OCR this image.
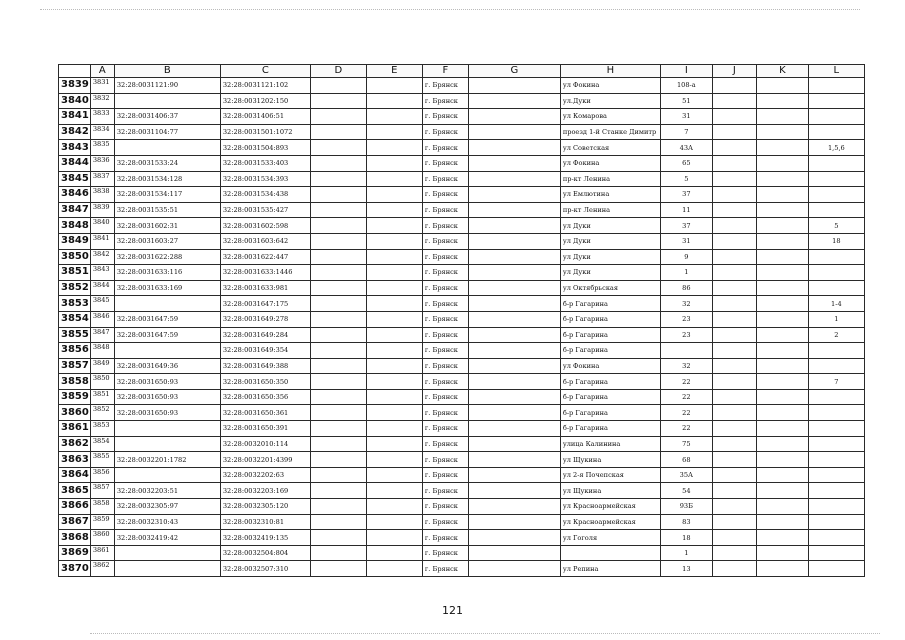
	A	B	C	D	E	F	G	H	I	J	K	L
3839	3831	32:28:0031121:90	32:28:0031121:102			г. Брянск		ул Фокина	108-а			
3840	3832		32:28:0031202:150			г. Брянск		ул.Дуки	51			
3841	3833	32:28:0031406:37	32:28:0031406:51			г. Брянск		ул Комарова	31			
3842	3834	32:28:0031104:77	32:28:0031501:1072			г. Брянск		проезд 1-й Станке Димитр	7			
3843	3835		32:28:0031504:893			г. Брянск		ул Советская	43А			1,5,6
3844	3836	32:28:0031533:24	32:28:0031533:403			г. Брянск		ул Фокина	65			
3845	3837	32:28:0031534:128	32:28:0031534:393			г. Брянск		пр-кт Ленина	5			
3846	3838	32:28:0031534:117	32:28:0031534:438			г. Брянск		ул Емлютина	37			
3847	3839	32:28:0031535:51	32:28:0031535:427			г. Брянск		пр-кт Ленина	11			
3848	3840	32:28:0031602:31	32:28:0031602:598			г. Брянск		ул Дуки	37			5
3849	3841	32:28:0031603:27	32:28:0031603:642			г. Брянск		ул Дуки	31			18
3850	3842	32:28:0031622:288	32:28:0031622:447			г. Брянск		ул Дуки	9			
3851	3843	32:28:0031633:116	32:28:0031633:1446			г. Брянск		ул Дуки	1			
3852	3844	32:28:0031633:169	32:28:0031633:981			г. Брянск		ул Октябрьская	86			
3853	3845		32:28:0031647:175			г. Брянск		б-р Гагарина	32			1-4
3854	3846	32:28:0031647:59	32:28:0031649:278			г. Брянск		б-р Гагарина	23			1
3855	3847	32:28:0031647:59	32:28:0031649:284			г. Брянск		б-р Гагарина	23			2
3856	3848		32:28:0031649:354			г. Брянск		б-р Гагарина				
3857	3849	32:28:0031649:36	32:28:0031649:388			г. Брянск		ул Фокина	32			
3858	3850	32:28:0031650:93	32:28:0031650:350			г. Брянск		б-р Гагарина	22			7
3859	3851	32:28:0031650:93	32:28:0031650:356			г. Брянск		б-р Гагарина	22			
3860	3852	32:28:0031650:93	32:28:0031650:361			г. Брянск		б-р Гагарина	22			
3861	3853		32:28:0031650:391			г. Брянск		б-р Гагарина	22			
3862	3854		32:28:0032010:114			г. Брянск		улица Калинина	75			
3863	3855	32:28:0032201:1782	32:28:0032201:4399			г. Брянск		ул Щукина	68			
3864	3856		32:28:0032202:63			г. Брянск		ул 2-я Почепская	35А			
3865	3857	32:28:0032203:51	32:28:0032203:169			г. Брянск		ул Щукина	54			
3866	3858	32:28:0032305:97	32:28:0032305:120			г. Брянск		ул Красноармейская	93Б			
3867	3859	32:28:0032310:43	32:28:0032310:81			г. Брянск		ул Красноармейская	83			
3868	3860	32:28:0032419:42	32:28:0032419:135			г. Брянск		ул Гоголя	18			
3869	3861		32:28:0032504:804			г. Брянск			1			
3870	3862		32:28:0032507:310			г. Брянск		ул Репина	13			
121
